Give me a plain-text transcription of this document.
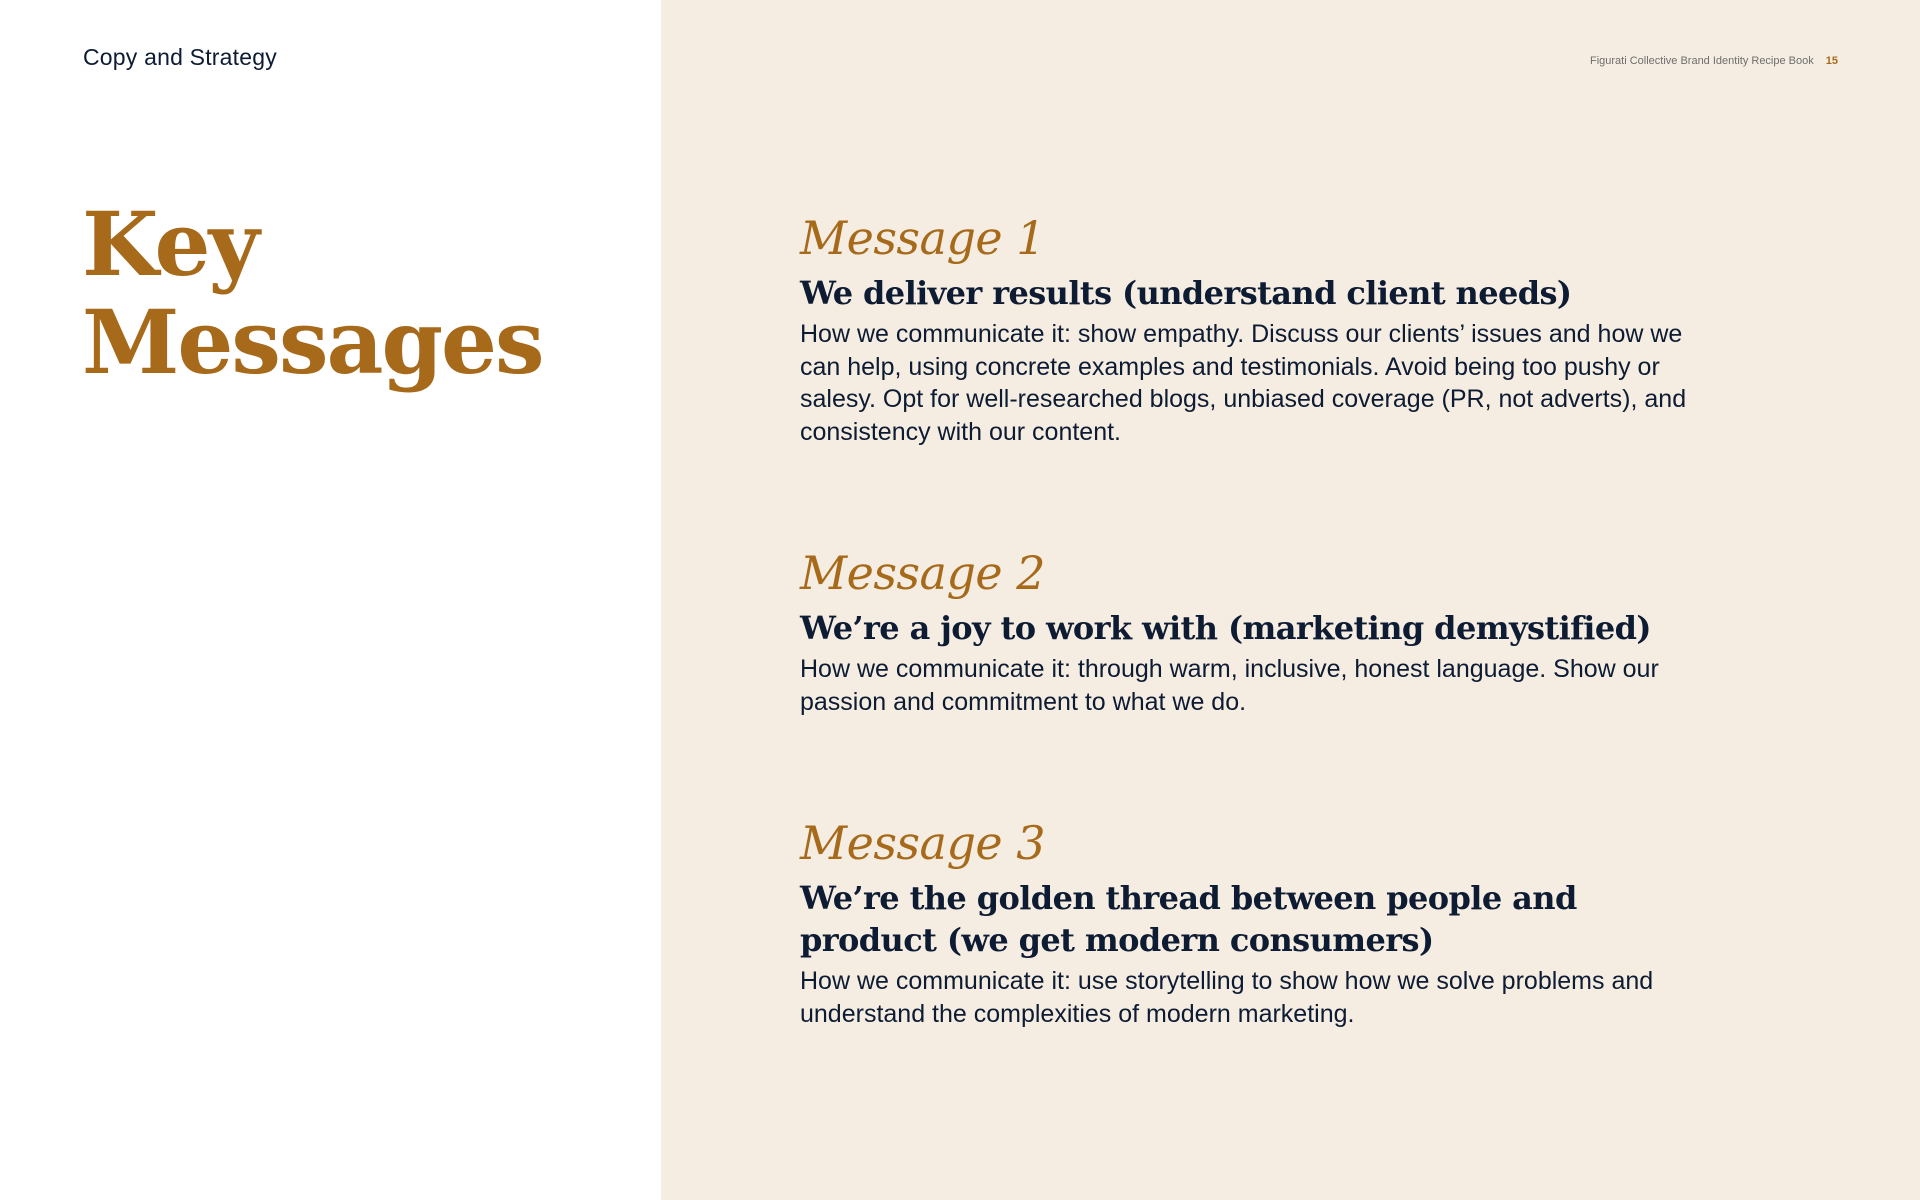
Copy and Strategy
Key
Messages
Figurati Collective Brand Identity Recipe Book 15
Message 1
We deliver results (understand client needs)

How we communicate it: show empathy. Discuss our clients’ issues and how we can help, using concrete examples and testimonials. Avoid being too pushy or salesy. Opt for well-researched blogs, unbiased coverage (PR, not adverts), and consistency with our content.

Message 2
We’re a joy to work with (marketing demystified)

How we communicate it: through warm, inclusive, honest language. Show our passion and commitment to what we do.

Message 3
We’re the golden thread between people and product (we get modern consumers)

How we communicate it: use storytelling to show how we solve problems and understand the complexities of modern marketing.
